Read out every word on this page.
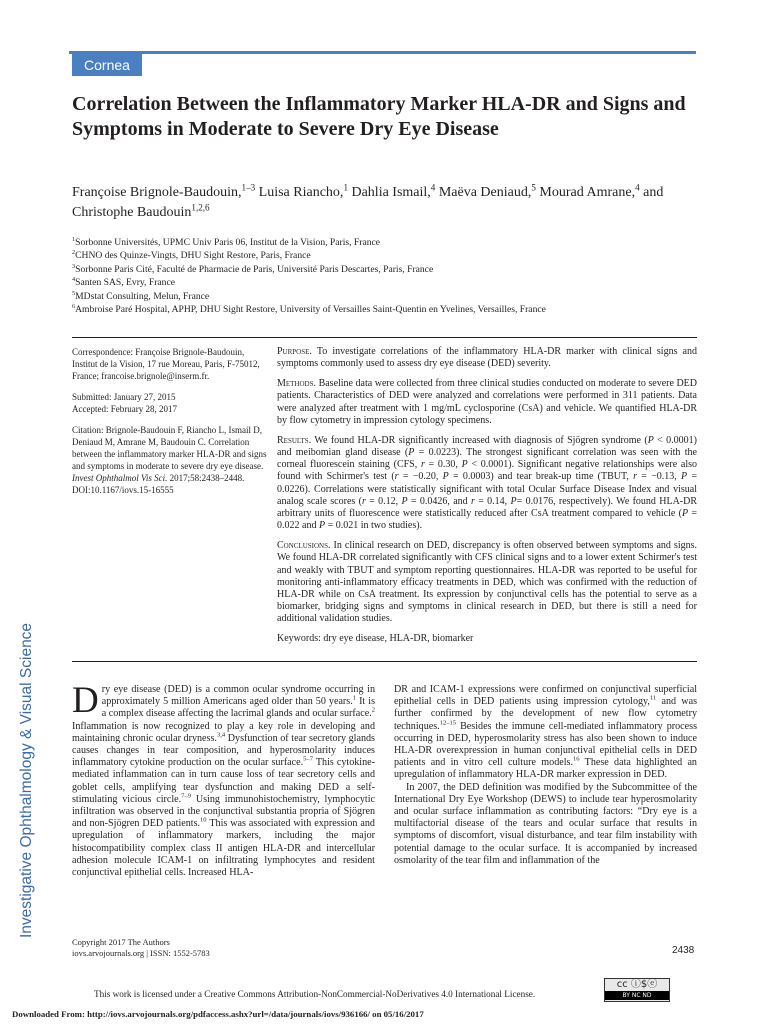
Cornea
Correlation Between the Inflammatory Marker HLA-DR and Signs and Symptoms in Moderate to Severe Dry Eye Disease

Françoise Brignole-Baudouin,$^{1-3}$ Luisa Riancho,$^1$ Dahlia Ismail,$^4$ Maëva Deniaud,$^5$ Mourad Amrane,$^4$ and Christophe Baudouin$^{1,2,6}$

$^1$Sorbonne Universités, UPMC Univ Paris 06, Institut de la Vision, Paris, France
$^2$CHNO des Quinze-Vingts, DHU Sight Restore, Paris, France
$^3$Sorbonne Paris Cité, Faculté de Pharmacie de Paris, Université Paris Descartes, Paris, France
$^4$Santen SAS, Evry, France
$^5$MDstat Consulting, Melun, France
$^6$Ambroise Paré Hospital, APHP, DHU Sight Restore, University of Versailles Saint-Quentin en Yvelines, Versailles, France

Correspondence: Françoise Brignole-Baudouin, Institut de la Vision, 17 rue Moreau, Paris, F-75012, France; francoise.brignole@inserm.fr.

Submitted: January 27, 2015

Accepted: February 28, 2017

Citation: Brignole-Baudouin F, Riancho L, Ismail D, Deniaud M, Amrane M, Baudouin C. Correlation between the inflammatory marker HLA-DR and signs and symptoms in moderate to severe dry eye disease. Invest Ophthalmol Vis Sci. 2017;58:2438–2448. DOI:10.1167/iovs.15-16555

Purpose. To investigate correlations of the inflammatory HLA-DR marker with clinical signs and symptoms commonly used to assess dry eye disease (DED) severity.

Methods. Baseline data were collected from three clinical studies conducted on moderate to severe DED patients. Characteristics of DED were analyzed and correlations were performed in 311 patients. Data were analyzed after treatment with 1 mg/mL cyclosporine (CsA) and vehicle. We quantified HLA-DR by flow cytometry in impression cytology specimens.

Results. We found HLA-DR significantly increased with diagnosis of Sjögren syndrome (P < 0.0001) and meibomian gland disease (P = 0.0223). The strongest significant correlation was seen with the corneal fluorescein staining (CFS, r = 0.30, P < 0.0001). Significant negative relationships were also found with Schirmer's test (r = −0.20, P = 0.0003) and tear break-up time (TBUT, r = −0.13, P = 0.0226). Correlations were statistically significant with total Ocular Surface Disease Index and visual analog scale scores (r = 0.12, P = 0.0426, and r = 0.14, P= 0.0176, respectively). We found HLA-DR arbitrary units of fluorescence were statistically reduced after CsA treatment compared to vehicle (P = 0.022 and P = 0.021 in two studies).

Conclusions. In clinical research on DED, discrepancy is often observed between symptoms and signs. We found HLA-DR correlated significantly with CFS clinical signs and to a lower extent Schirmer's test and weakly with TBUT and symptom reporting questionnaires. HLA-DR was reported to be useful for monitoring anti-inflammatory efficacy treatments in DED, which was confirmed with the reduction of HLA-DR while on CsA treatment. Its expression by conjunctival cells has the potential to serve as a biomarker, bridging signs and symptoms in clinical research in DED, but there is still a need for additional validation studies.

Keywords: dry eye disease, HLA-DR, biomarker

Dry eye disease (DED) is a common ocular syndrome occurring in approximately 5 million Americans aged older than 50 years.$^1$ It is a complex disease affecting the lacrimal glands and ocular surface.$^2$ Inflammation is now recognized to play a key role in developing and maintaining chronic ocular dryness.$^{3,4}$ Dysfunction of tear secretory glands causes changes in tear composition, and hyperosmolarity induces inflammatory cytokine production on the ocular surface.$^{5-7}$ This cytokine-mediated inflammation can in turn cause loss of tear secretory cells and goblet cells, amplifying tear dysfunction and making DED a self-stimulating vicious circle.$^{7-9}$ Using immunohistochemistry, lymphocytic infiltration was observed in the conjunctival substantia propria of Sjögren and non-Sjögren DED patients.$^{10}$ This was associated with expression and upregulation of inflammatory markers, including the major histocompatibility complex class II antigen HLA-DR and intercellular adhesion molecule ICAM-1 on infiltrating lymphocytes and resident conjunctival epithelial cells. Increased HLA-

DR and ICAM-1 expressions were confirmed on conjunctival superficial epithelial cells in DED patients using impression cytology,$^{11}$ and was further confirmed by the development of new flow cytometry techniques.$^{12-15}$ Besides the immune cell-mediated inflammatory process occurring in DED, hyperosmolarity stress has also been shown to induce HLA-DR overexpression in human conjunctival epithelial cells in DED patients and in vitro cell culture models.$^{16}$ These data highlighted an upregulation of inflammatory HLA-DR marker expression in DED.

In 2007, the DED definition was modified by the Subcommittee of the International Dry Eye Workshop (DEWS) to include tear hyperosmolarity and ocular surface inflammation as contributing factors: “Dry eye is a multifactorial disease of the tears and ocular surface that results in symptoms of discomfort, visual disturbance, and tear film instability with potential damage to the ocular surface. It is accompanied by increased osmolarity of the tear film and inflammation of the

Investigative Ophthalmology & Visual Science
Copyright 2017 The Authors
iovs.arvojournals.org | ISSN: 1552-5783	2438
This work is licensed under a Creative Commons Attribution-NonCommercial-NoDerivatives 4.0 International License.
cc ⓘ$ⓔ
BY NC ND
Downloaded From: http://iovs.arvojournals.org/pdfaccess.ashx?url=/data/journals/iovs/936166/ on 05/16/2017
